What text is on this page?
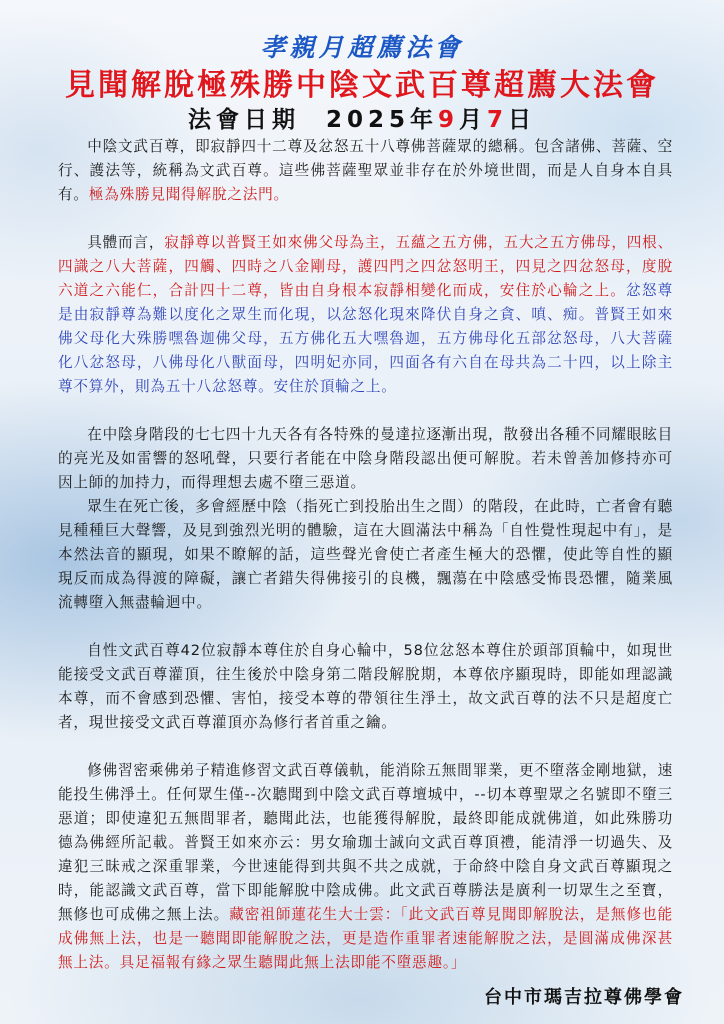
孝親月超薦法會
見聞解脫極殊勝中陰文武百尊超薦大法會
法會日期 2025年9月7日

中陰文武百尊，即寂靜四十二尊及忿怒五十八尊佛菩薩眾的總稱。包含諸佛、菩薩、空行、護法等，統稱為文武百尊。這些佛菩薩聖眾並非存在於外境世間，而是人自身本自具有。極為殊勝見聞得解脫之法門。

具體而言，寂靜尊以普賢王如來佛父母為主，五蘊之五方佛，五大之五方佛母，四根、四識之八大菩薩，四觸、四時之八金剛母，護四門之四忿怒明王，四見之四忿怒母，度脫六道之六能仁，合計四十二尊，皆由自身根本寂靜相變化而成，安住於心輪之上。忿怒尊是由寂靜尊為難以度化之眾生而化現，以忿怒化現來降伏自身之貪、嗔、痴。普賢王如來佛父母化大殊勝嘿魯迦佛父母，五方佛化五大嘿魯迦，五方佛母化五部忿怒母，八大菩薩化八忿怒母，八佛母化八獸面母，四明妃亦同，四面各有六自在母共為二十四，以上除主尊不算外，則為五十八忿怒尊。安住於頂輪之上。

在中陰身階段的七七四十九天各有各特殊的曼達拉逐漸出現，散發出各種不同耀眼眩目的亮光及如雷響的怒吼聲，只要行者能在中陰身階段認出便可解脫。若未曾善加修持亦可因上師的加持力，而得理想去處不墮三惡道。

眾生在死亡後，多會經歷中陰（指死亡到投胎出生之間）的階段，在此時，亡者會有聽見種種巨大聲響，及見到強烈光明的體驗，這在大圓滿法中稱為「自性覺性現起中有」，是本然法音的顯現，如果不瞭解的話，這些聲光會使亡者產生極大的恐懼，使此等自性的顯現反而成為得渡的障礙，讓亡者錯失得佛接引的良機，飄蕩在中陰感受怖畏恐懼，隨業風流轉墮入無盡輪迴中。

自性文武百尊42位寂靜本尊住於自身心輪中，58位忿怒本尊住於頭部頂輪中，如現世能接受文武百尊灌頂，往生後於中陰身第二階段解脫期，本尊依序顯現時，即能如理認識本尊，而不會感到恐懼、害怕，接受本尊的帶領往生淨土，故文武百尊的法不只是超度亡者，現世接受文武百尊灌頂亦為修行者首重之鑰。

修佛習密乘佛弟子精進修習文武百尊儀軌，能消除五無間罪業，更不墮落金剛地獄，速能投生佛淨土。任何眾生僅--次聽聞到中陰文武百尊壇城中，--切本尊聖眾之名號即不墮三惡道；即使違犯五無間罪者，聽聞此法，也能獲得解脫，最終即能成就佛道，如此殊勝功德為佛經所記載。普賢王如來亦云：男女瑜珈士誠向文武百尊頂禮，能清淨一切過失、及違犯三昧戒之深重罪業，今世速能得到共與不共之成就，于命終中陰自身文武百尊顯現之時，能認識文武百尊，當下即能解脫中陰成佛。此文武百尊勝法是廣利一切眾生之至寶，無修也可成佛之無上法。藏密祖師蓮花生大士雲：「此文武百尊見聞即解脫法，是無修也能成佛無上法，也是一聽聞即能解脫之法，更是造作重罪者速能解脫之法，是圓滿成佛深甚無上法。具足福報有緣之眾生聽聞此無上法即能不墮惡趣。」

台中市瑪吉拉尊佛學會
